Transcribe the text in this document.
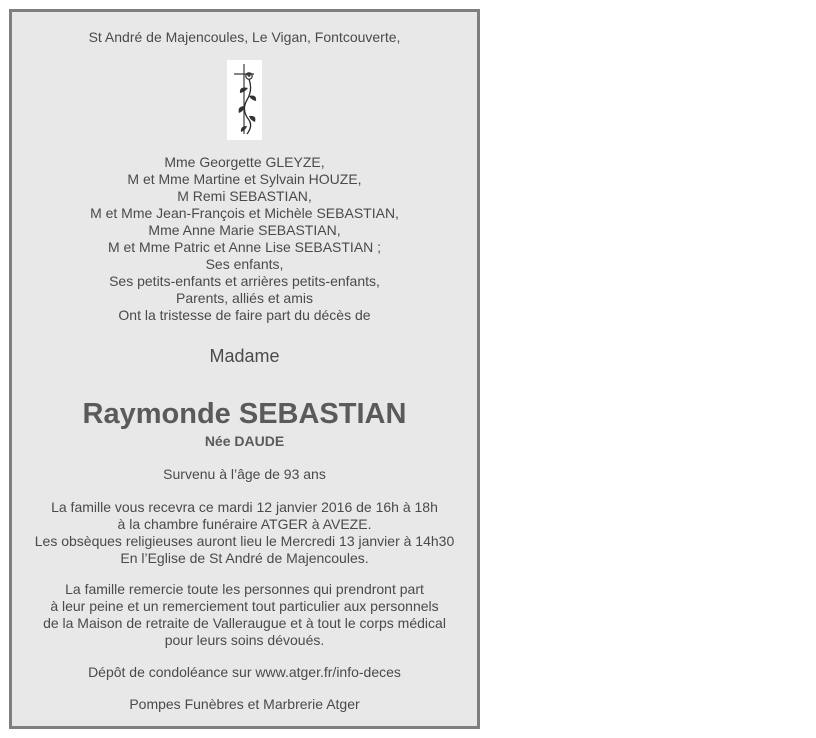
St André de Majencoules, Le Vigan, Fontcouverte,
Mme Georgette GLEYZE,
M et Mme Martine et Sylvain HOUZE,
M Remi SEBASTIAN,
M et Mme Jean-François et Michèle SEBASTIAN,
Mme Anne Marie SEBASTIAN,
M et Mme Patric et Anne Lise SEBASTIAN ;
Ses enfants,
Ses petits-enfants et arrières petits-enfants,
Parents, alliés et amis
Ont la tristesse de faire part du décès de
Madame
Raymonde SEBASTIAN
Née DAUDE
Survenu à l’âge de 93 ans
La famille vous recevra ce mardi 12 janvier 2016 de 16h à 18h
à la chambre funéraire ATGER à AVEZE.
Les obsèques religieuses auront lieu le Mercredi 13 janvier à 14h30
En l’Eglise de St André de Majencoules.
La famille remercie toute les personnes qui prendront part
à leur peine et un remerciement tout particulier aux personnels
de la Maison de retraite de Valleraugue et à tout le corps médical
pour leurs soins dévoués.
Dépôt de condoléance sur www.atger.fr/info-deces
Pompes Funèbres et Marbrerie Atger
